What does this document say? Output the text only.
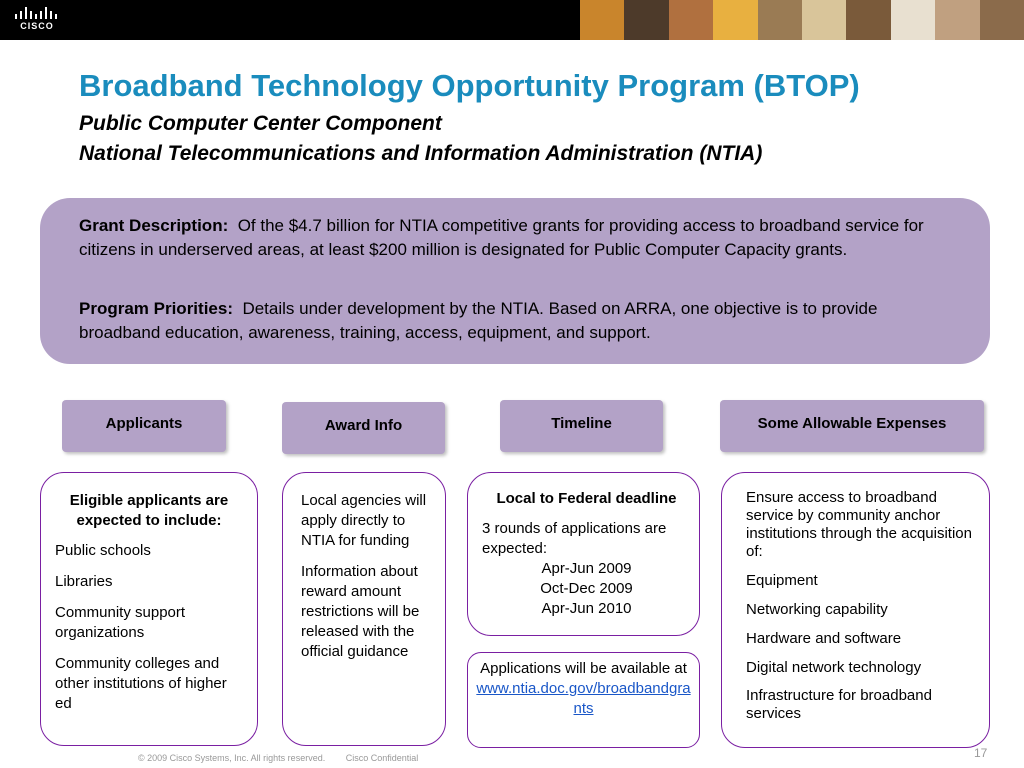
CISCO
Broadband Technology Opportunity Program (BTOP)
Public Computer Center Component
National Telecommunications and Information Administration (NTIA)

Grant Description: Of the $4.7 billion for NTIA competitive grants for providing access to broadband service for citizens in underserved areas, at least $200 million is designated for Public Computer Capacity grants.

Program Priorities: Details under development by the NTIA. Based on ARRA, one objective is to provide broadband education, awareness, training, access, equipment, and support.

Applicants	Award Info	Timeline	Some Allowable Expenses
Eligible applicants are expected to include:
Public schools
Libraries
Community support organizations
Community colleges and other institutions of higher ed
Local agencies will apply directly to NTIA for funding
Information about reward amount restrictions will be released with the official guidance
Local to Federal deadline
3 rounds of applications are expected:
Apr-Jun 2009
Oct-Dec 2009
Apr-Jun 2010
Applications will be available at
www.ntia.doc.gov/broadbandgrants
Ensure access to broadband service by community anchor institutions through the acquisition of:
Equipment
Networking capability
Hardware and software
Digital network technology
Infrastructure for broadband services
© 2009 Cisco Systems, Inc. All rights reserved. Cisco Confidential	17
